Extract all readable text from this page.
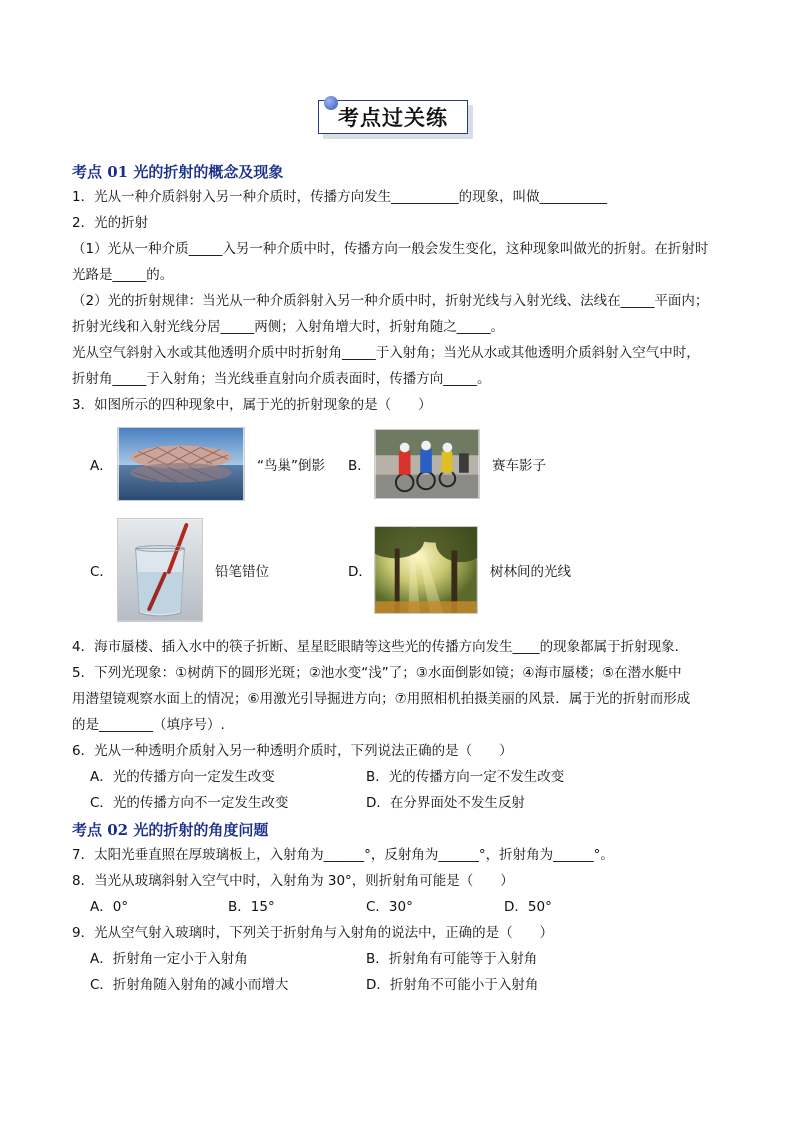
考点过关练
考点 01 光的折射的概念及现象
1．光从一种介质斜射入另一种介质时，传播方向发生__________的现象，叫做__________
2．光的折射
（1）光从一种介质_____入另一种介质中时，传播方向一般会发生变化，这种现象叫做光的折射。在折射时
光路是_____的。
（2）光的折射规律：当光从一种介质斜射入另一种介质中时，折射光线与入射光线、法线在_____平面内；
折射光线和入射光线分居_____两侧；入射角增大时，折射角随之_____。
光从空气斜射入水或其他透明介质中时折射角_____于入射角；当光从水或其他透明介质斜射入空气中时，
折射角_____于入射角；当光线垂直射向介质表面时，传播方向_____。
3．如图所示的四种现象中，属于光的折射现象的是（　　）
A．	“鸟巢”倒影 B．	赛车影子
C．	铅笔错位	D．	树林间的光线
4．海市蜃楼、插入水中的筷子折断、星星眨眼睛等这些光的传播方向发生____的现象都属于折射现象．
5．下列光现象：①树荫下的圆形光斑；②池水变“浅”了；③水面倒影如镜；④海市蜃楼；⑤在潜水艇中
用潜望镜观察水面上的情况；⑥用激光引导掘进方向；⑦用照相机拍摄美丽的风景．属于光的折射而形成
的是________（填序号）.
6．光从一种透明介质射入另一种透明介质时，下列说法正确的是（　　）
A．光的传播方向一定发生改变	B．光的传播方向一定不发生改变
C．光的传播方向不一定发生改变	D．在分界面处不发生反射
考点 02 光的折射的角度问题
7．太阳光垂直照在厚玻璃板上，入射角为______°，反射角为______°，折射角为______°。
8．当光从玻璃斜射入空气中时，入射角为 30°，则折射角可能是（　　）
A．0°	B．15°	C．30°	D．50°
9．光从空气射入玻璃时，下列关于折射角与入射角的说法中，正确的是（　　）
A．折射角一定小于入射角	B．折射角有可能等于入射角
C．折射角随入射角的减小而增大	D．折射角不可能小于入射角
